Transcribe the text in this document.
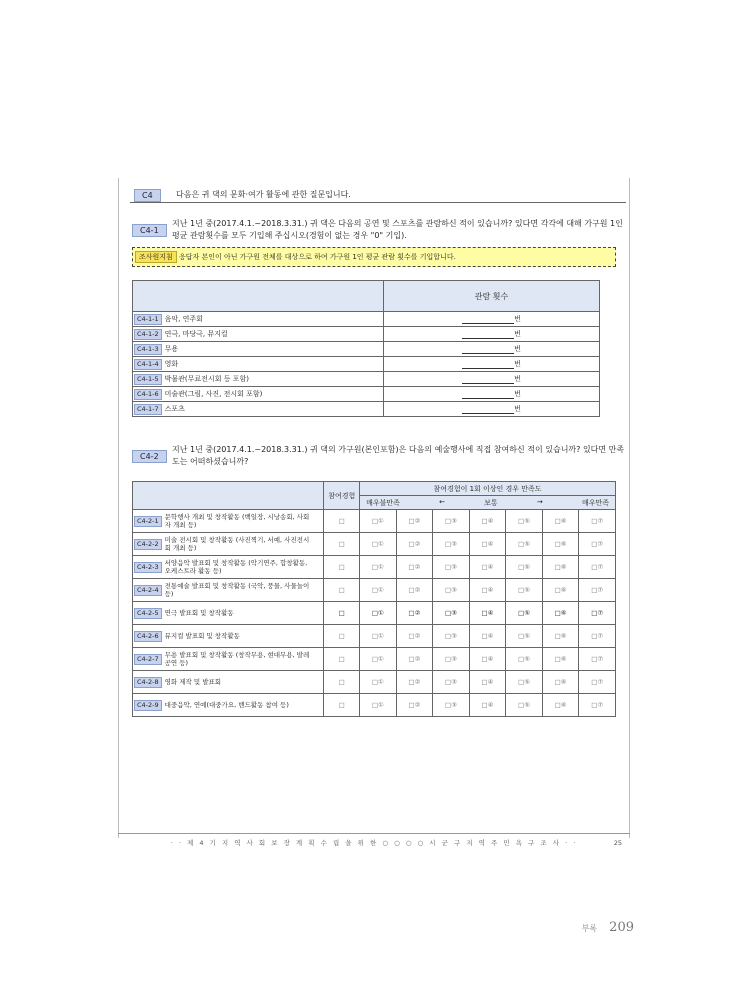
C4	다음은 귀 댁의 문화·여가 활동에 관한 질문입니다.
C4-1
지난 1년 중(2017.4.1.~2018.3.31.) 귀 댁은 다음의 공연 및 스포츠를 관람하신 적이 있습니까? 있다면 각각에 대해 가구원 1인 평균 관람횟수를 모두 기입해 주십시오(경험이 없는 경우 "0" 기입).
조사원지침 응답자 본인이 아닌 가구원 전체를 대상으로 하여 가구원 1인 평균 관람 횟수를 기입합니다.
	관람 횟수
C4-1-1 음악, 연주회	번
C4-1-2 연극, 마당극, 뮤지컬	번
C4-1-3 무용	번
C4-1-4 영화	번
C4-1-5 박물관(무료전시회 등 포함)	번
C4-1-6 미술관(그림, 사진, 전시회 포함)	번
C4-1-7 스포츠	번
C4-2
지난 1년 중(2017.4.1.~2018.3.31.) 귀 댁의 가구원(본인포함)은 다음의 예술행사에 직접 참여하신 적이 있습니까? 있다면 만족도는 어떠하셨습니까?
	참여경험	참여경험이 1회 이상인 경우 만족도						

		매우불만족 ← 보통 → 매우만족						

C4-2-1 문학행사 개최 및 창작활동 (백일장, 시낭송회, 사회자 개최 등)	□	□①	□②	□③	□④	□⑤	□⑥	□⑦
C4-2-2 미술 전시회 및 창작활동 (사진찍기, 서예, 사진전시회 개최 등)	□	□①	□②	□③	□④	□⑤	□⑥	□⑦
C4-2-3 서양음악 발표회 및 창작활동 (악기연주, 합창활동, 오케스트라 활동 등)	□	□①	□②	□③	□④	□⑤	□⑥	□⑦
C4-2-4 전통예술 발표회 및 창작활동 (국악, 풍물, 사물놀이 등)	□	□①	□②	□③	□④	□⑤	□⑥	□⑦
C4-2-5 연극 발표회 및 창작활동	□	□①	□②	□③	□④	□⑤	□⑥	□⑦
C4-2-6 뮤지컬 발표회 및 창작활동	□	□①	□②	□③	□④	□⑤	□⑥	□⑦
C4-2-7 무용 발표회 및 창작활동 (창작무용, 현대무용, 발레공연 등)	□	□①	□②	□③	□④	□⑤	□⑥	□⑦
C4-2-8 영화 제작 및 발표회	□	□①	□②	□③	□④	□⑤	□⑥	□⑦
C4-2-9 대중음악, 연예(대중가요, 밴드활동 참여 등)	□	□①	□②	□③	□④	□⑤	□⑥	□⑦
· · 제 4 기 지 역 사 회 보 장 계 획 수 립 을 위 한 ○ ○ ○ ○ 시 군 구 지 역 주 민 욕 구 조 사 · ·	25
부록 209
